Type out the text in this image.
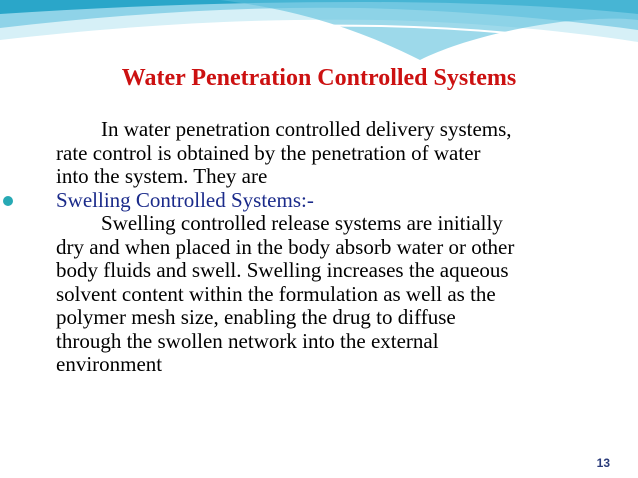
Water Penetration Controlled Systems
In water penetration controlled delivery systems,
rate control is obtained by the penetration of water
into the system. They are
Swelling Controlled Systems:-
Swelling controlled release systems are initially
dry and when placed in the body absorb water or other
body fluids and swell. Swelling increases the aqueous
solvent content within the formulation as well as the
polymer mesh size, enabling the drug to diffuse
through the swollen network into the external
environment
13
